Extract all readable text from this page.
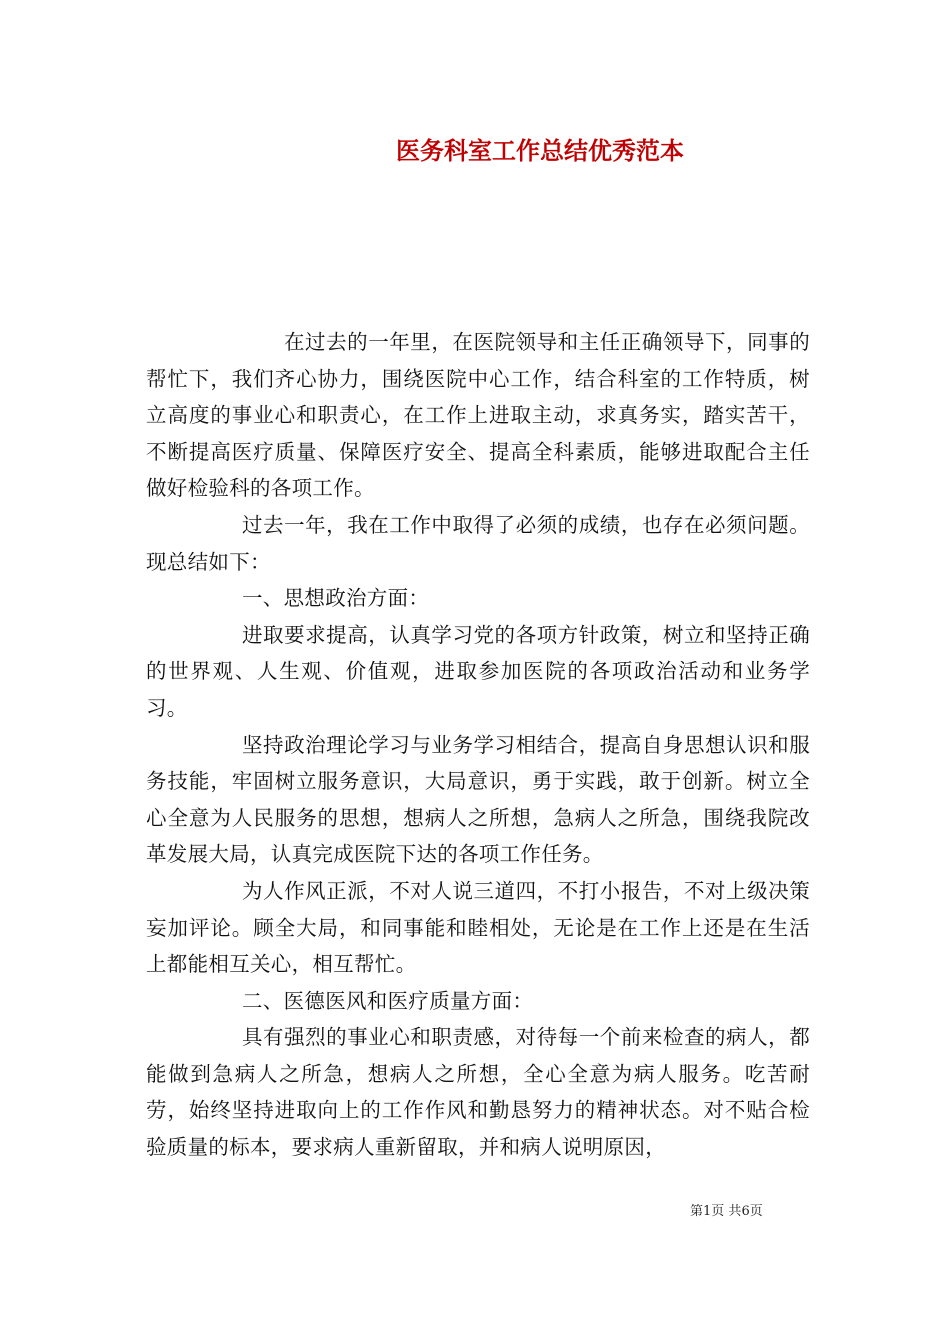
医务科室工作总结优秀范本

在过去的一年里，在医院领导和主任正确领导下，同事的帮忙下，我们齐心协力，围绕医院中心工作，结合科室的工作特质，树立高度的事业心和职责心，在工作上进取主动，求真务实，踏实苦干，不断提高医疗质量、保障医疗安全、提高全科素质，能够进取配合主任做好检验科的各项工作。

过去一年，我在工作中取得了必须的成绩，也存在必须问题。现总结如下：

一、思想政治方面：

进取要求提高，认真学习党的各项方针政策，树立和坚持正确的世界观、人生观、价值观，进取参加医院的各项政治活动和业务学习。

坚持政治理论学习与业务学习相结合，提高自身思想认识和服务技能，牢固树立服务意识，大局意识，勇于实践，敢于创新。树立全心全意为人民服务的思想，想病人之所想，急病人之所急，围绕我院改革发展大局，认真完成医院下达的各项工作任务。

为人作风正派，不对人说三道四，不打小报告，不对上级决策妄加评论。顾全大局，和同事能和睦相处，无论是在工作上还是在生活上都能相互关心，相互帮忙。

二、医德医风和医疗质量方面：

具有强烈的事业心和职责感，对待每一个前来检查的病人，都能做到急病人之所急，想病人之所想，全心全意为病人服务。吃苦耐劳，始终坚持进取向上的工作作风和勤恳努力的精神状态。对不贴合检验质量的标本，要求病人重新留取，并和病人说明原因，

第1页 共6页
